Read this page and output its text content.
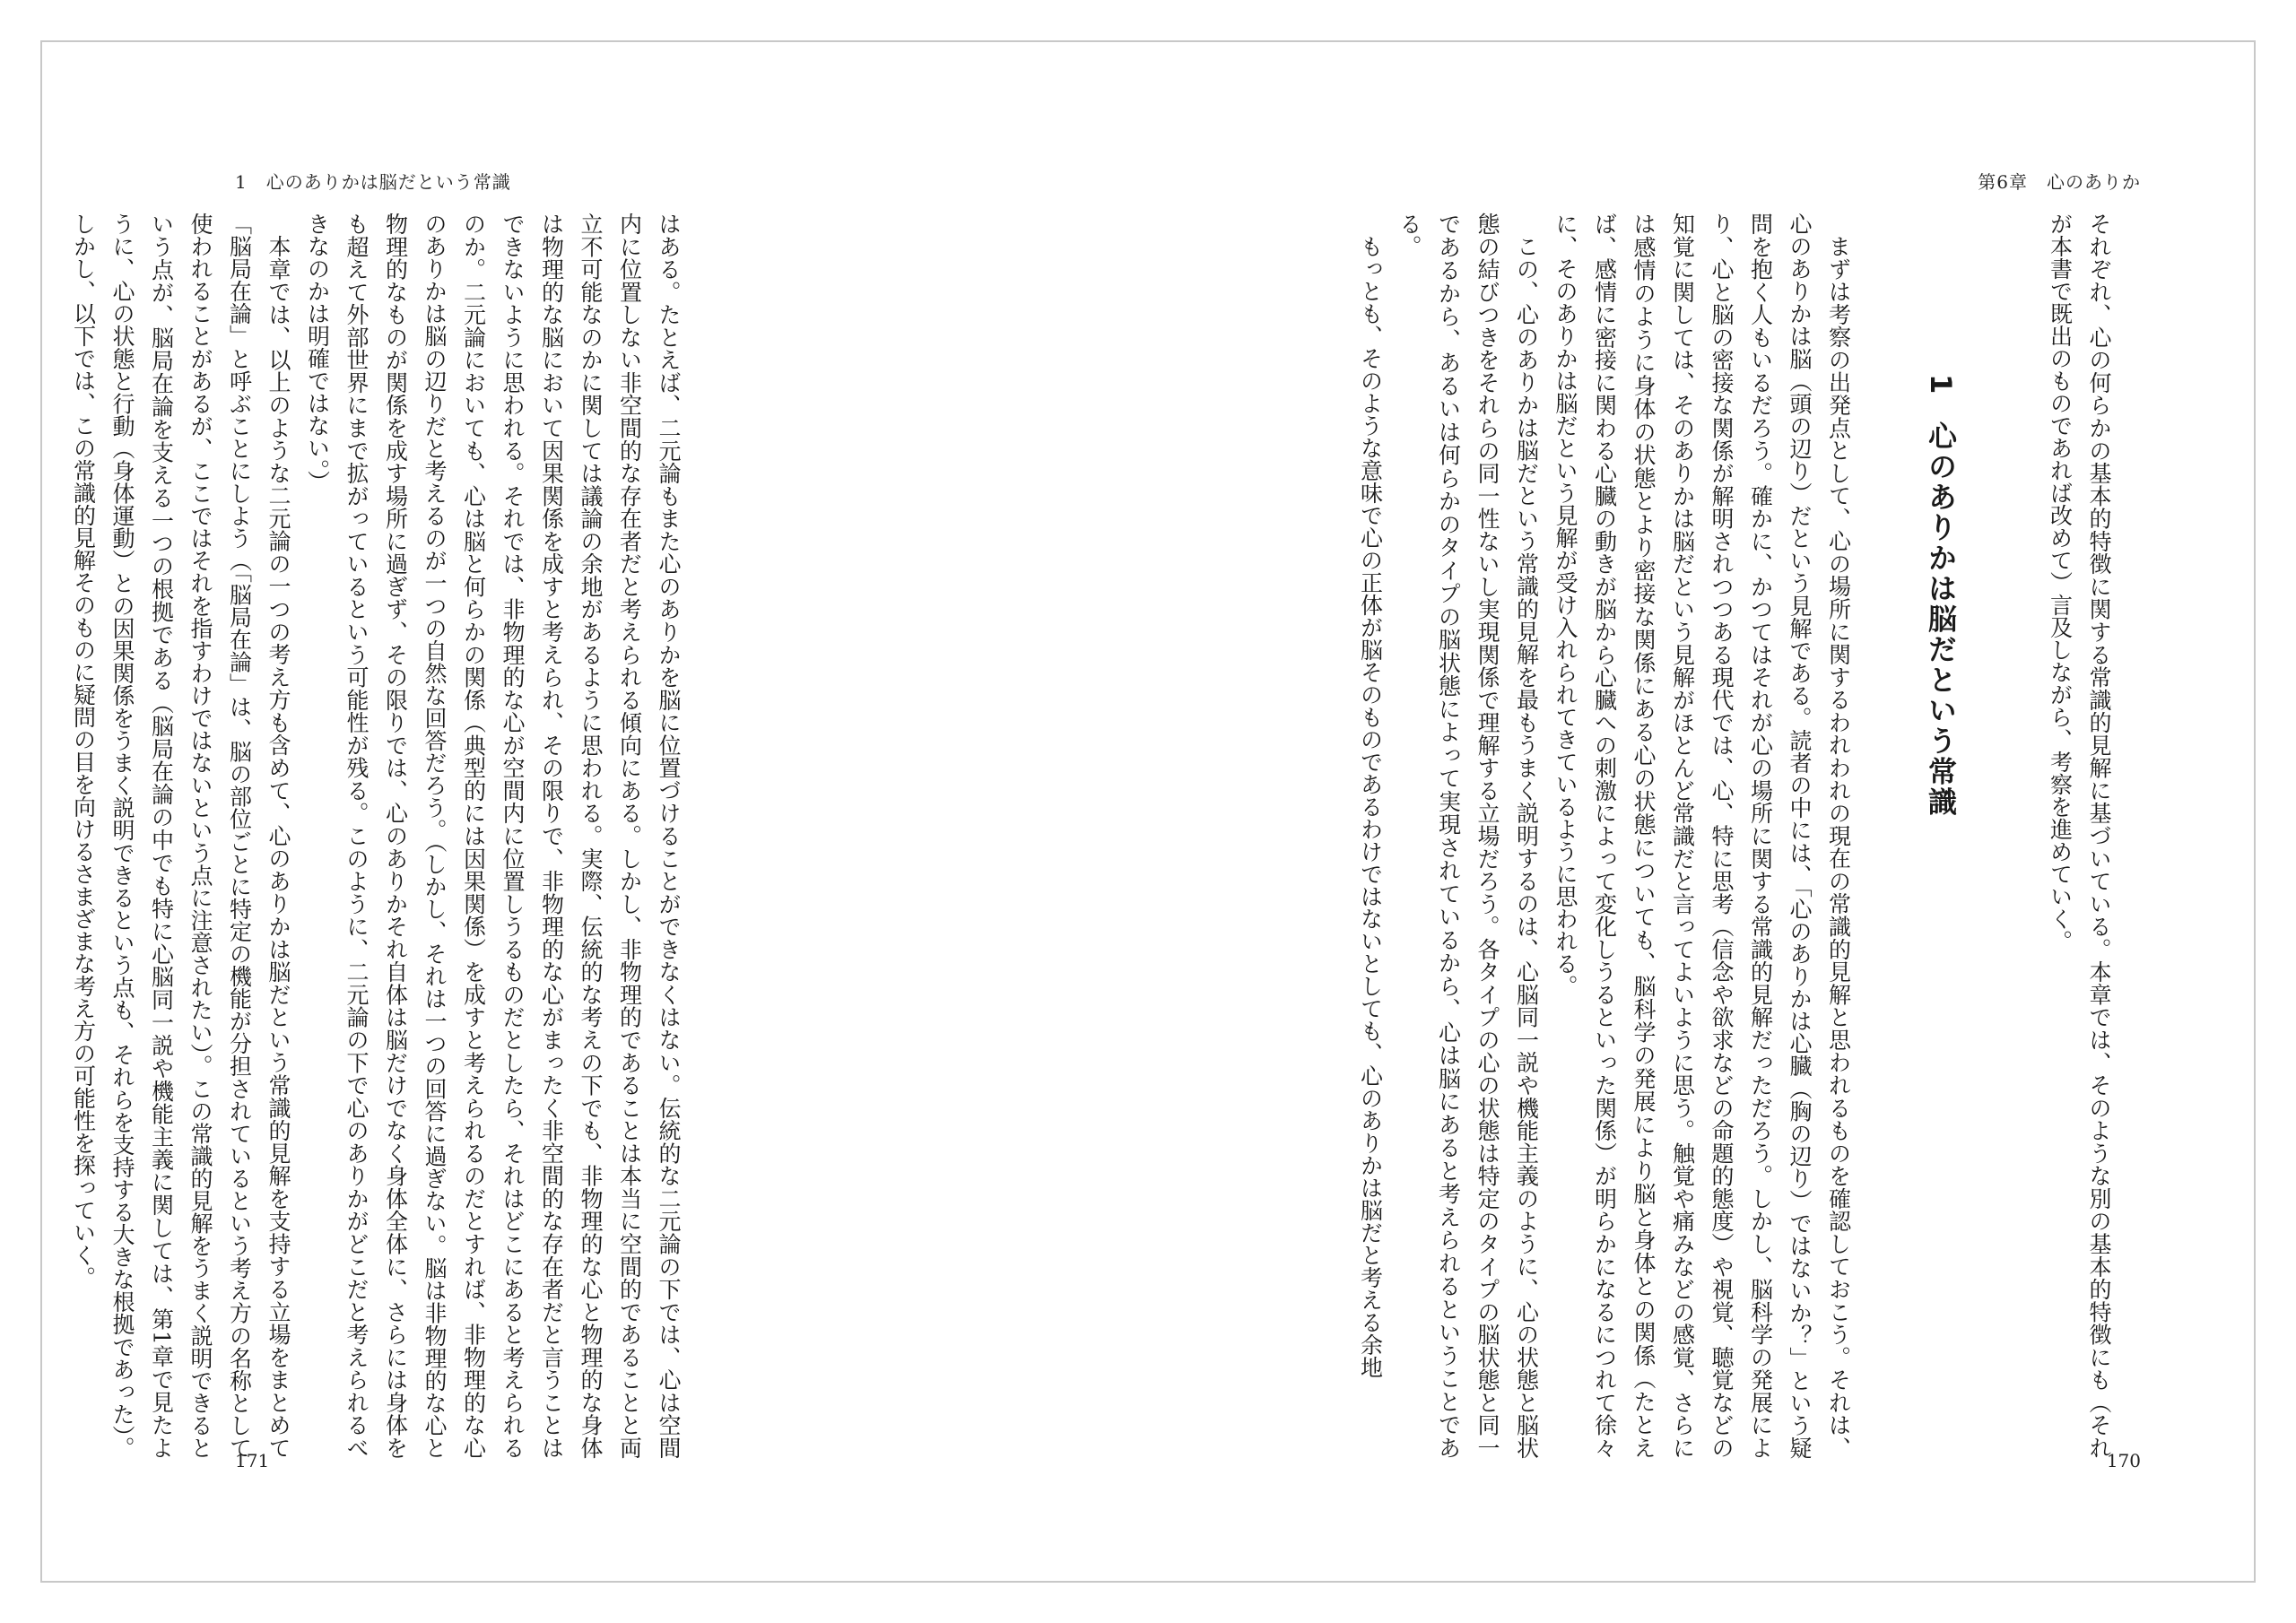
1　心のありかは脳だという常識

はある。たとえば、二元論もまた心のありかを脳に位置づけることができなくはない。伝統的な二元論の下では、心は空間内に位置しない非空間的な存在者だと考えられる傾向にある。しかし、非物理的であることは本当に空間的であることと両立不可能なのかに関しては議論の余地があるように思われる。実際、伝統的な考えの下でも、非物理的な心と物理的な身体は物理的な脳において因果関係を成すと考えられ、その限りで、非物理的な心がまったく非空間的な存在者だと言うことはできないように思われる。それでは、非物理的な心が空間内に位置しうるものだとしたら、それはどこにあると考えられるのか。二元論においても、心は脳と何らかの関係（典型的には因果関係）を成すと考えられるのだとすれば、非物理的な心のありかは脳の辺りだと考えるのが一つの自然な回答だろう。（しかし、それは一つの回答に過ぎない。脳は非物理的な心と物理的なものが関係を成す場所に過ぎず、その限りでは、心のありかそれ自体は脳だけでなく身体全体に、さらには身体をも超えて外部世界にまで拡がっているという可能性が残る。このように、二元論の下で心のありかがどこだと考えられるべきなのかは明確ではない。）

本章では、以上のような二元論の一つの考え方も含めて、心のありかは脳だという常識的見解を支持する立場をまとめて「脳局在論」と呼ぶことにしよう（「脳局在論」は、脳の部位ごとに特定の機能が分担されているという考え方の名称として使われることがあるが、ここではそれを指すわけではないという点に注意されたい）。この常識的見解をうまく説明できるという点が、脳局在論を支える一つの根拠である（脳局在論の中でも特に心脳同一説や機能主義に関しては、第1章で見たように、心の状態と行動（身体運動）との因果関係をうまく説明できるという点も、それらを支持する大きな根拠であった）。しかし、以下では、この常識的見解そのものに疑問の目を向けるさまざまな考え方の可能性を探っていく。

171
第6章　心のありか

それぞれ、心の何らかの基本的特徴に関する常識的見解に基づいている。本章では、そのような別の基本的特徴にも（それが本書で既出のものであれば改めて）言及しながら、考察を進めていく。

1心のありかは脳だという常識

まずは考察の出発点として、心の場所に関するわれわれの現在の常識的見解と思われるものを確認しておこう。それは、心のありかは脳（頭の辺り）だという見解である。読者の中には、「心のありかは心臓（胸の辺り）ではないか？」という疑問を抱く人もいるだろう。確かに、かつてはそれが心の場所に関する常識的見解だっただろう。しかし、脳科学の発展により、心と脳の密接な関係が解明されつつある現代では、心、特に思考（信念や欲求などの命題的態度）や視覚、聴覚などの知覚に関しては、そのありかは脳だという見解がほとんど常識だと言ってよいように思う。触覚や痛みなどの感覚、さらには感情のように身体の状態とより密接な関係にある心の状態についても、脳科学の発展により脳と身体との関係（たとえば、感情に密接に関わる心臓の動きが脳から心臓への刺激によって変化しうるといった関係）が明らかになるにつれて徐々に、そのありかは脳だという見解が受け入れられてきているように思われる。

この、心のありかは脳だという常識的見解を最もうまく説明するのは、心脳同一説や機能主義のように、心の状態と脳状態の結びつきをそれらの同一性ないし実現関係で理解する立場だろう。各タイプの心の状態は特定のタイプの脳状態と同一であるから、あるいは何らかのタイプの脳状態によって実現されているから、心は脳にあると考えられるということである。

もっとも、そのような意味で心の正体が脳そのものであるわけではないとしても、心のありかは脳だと考える余地

170
